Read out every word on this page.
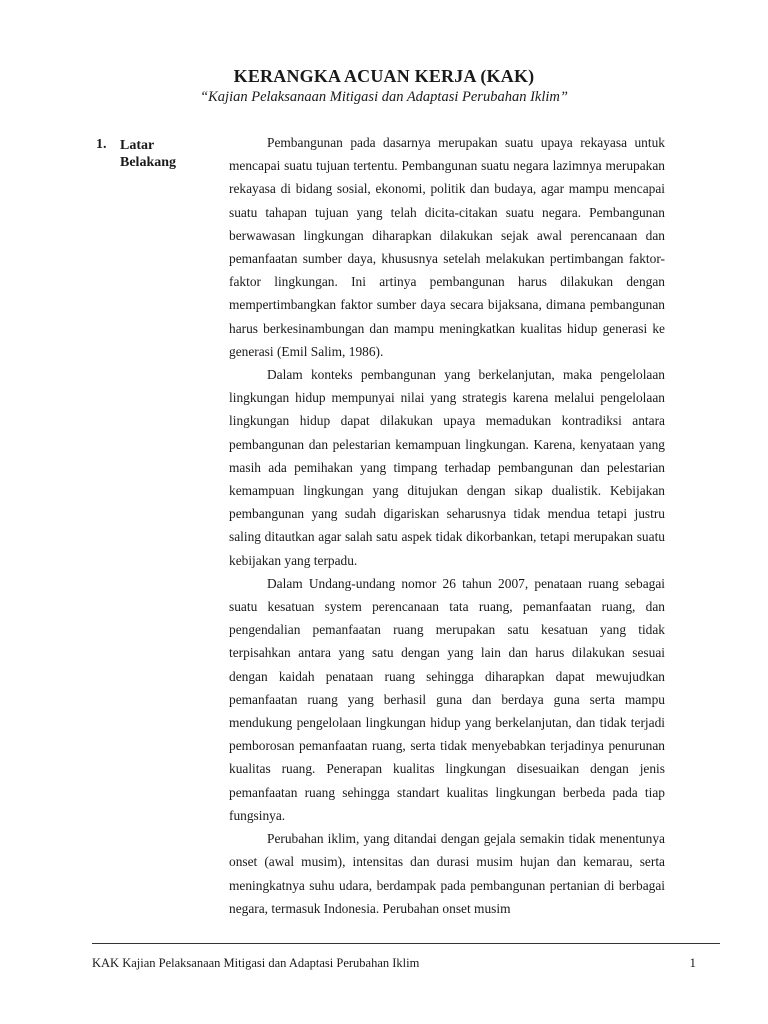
KERANGKA ACUAN KERJA (KAK)
“Kajian Pelaksanaan Mitigasi dan Adaptasi Perubahan Iklim”
1. Latar Belakang

Pembangunan pada dasarnya merupakan suatu upaya rekayasa untuk mencapai suatu tujuan tertentu. Pembangunan suatu negara lazimnya merupakan rekayasa di bidang sosial, ekonomi, politik dan budaya, agar mampu mencapai suatu tahapan tujuan yang telah dicita-citakan suatu negara. Pembangunan berwawasan lingkungan diharapkan dilakukan sejak awal perencanaan dan pemanfaatan sumber daya, khususnya setelah melakukan pertimbangan faktor-faktor lingkungan. Ini artinya pembangunan harus dilakukan dengan mempertimbangkan faktor sumber daya secara bijaksana, dimana pembangunan harus berkesinambungan dan mampu meningkatkan kualitas hidup generasi ke generasi (Emil Salim, 1986).

Dalam konteks pembangunan yang berkelanjutan, maka pengelolaan lingkungan hidup mempunyai nilai yang strategis karena melalui pengelolaan lingkungan hidup dapat dilakukan upaya memadukan kontradiksi antara pembangunan dan pelestarian kemampuan lingkungan. Karena, kenyataan yang masih ada pemihakan yang timpang terhadap pembangunan dan pelestarian kemampuan lingkungan yang ditujukan dengan sikap dualistik. Kebijakan pembangunan yang sudah digariskan seharusnya tidak mendua tetapi justru saling ditautkan agar salah satu aspek tidak dikorbankan, tetapi merupakan suatu kebijakan yang terpadu.

Dalam Undang-undang nomor 26 tahun 2007, penataan ruang sebagai suatu kesatuan system perencanaan tata ruang, pemanfaatan ruang, dan pengendalian pemanfaatan ruang merupakan satu kesatuan yang tidak terpisahkan antara yang satu dengan yang lain dan harus dilakukan sesuai dengan kaidah penataan ruang sehingga diharapkan dapat mewujudkan pemanfaatan ruang yang berhasil guna dan berdaya guna serta mampu mendukung pengelolaan lingkungan hidup yang berkelanjutan, dan tidak terjadi pemborosan pemanfaatan ruang, serta tidak menyebabkan terjadinya penurunan kualitas ruang. Penerapan kualitas lingkungan disesuaikan dengan jenis pemanfaatan ruang sehingga standart kualitas lingkungan berbeda pada tiap fungsinya.

Perubahan iklim, yang ditandai dengan gejala semakin tidak menentunya onset (awal musim), intensitas dan durasi musim hujan dan kemarau, serta meningkatnya suhu udara, berdampak pada pembangunan pertanian di berbagai negara, termasuk Indonesia. Perubahan onset musim

KAK Kajian Pelaksanaan Mitigasi dan Adaptasi Perubahan Iklim	1
